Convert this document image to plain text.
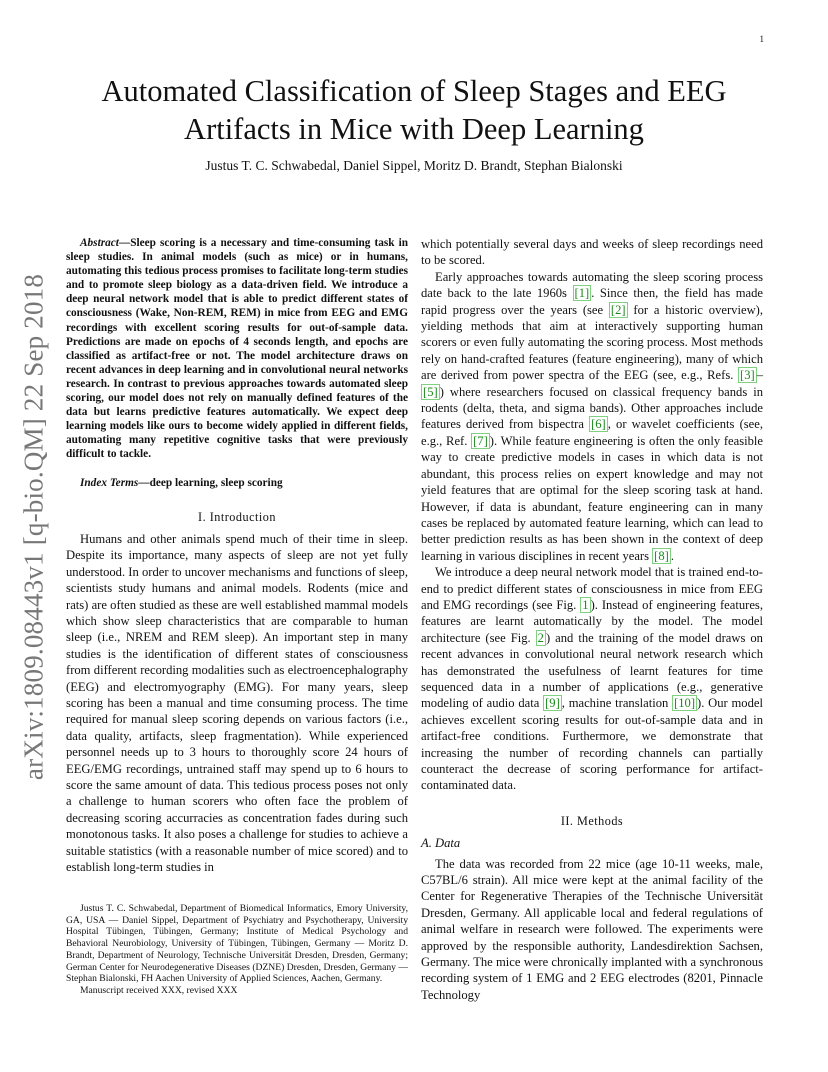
1
arXiv:1809.08443v1 [q-bio.QM] 22 Sep 2018
Automated Classification of Sleep Stages and EEG Artifacts in Mice with Deep Learning
Justus T. C. Schwabedal, Daniel Sippel, Moritz D. Brandt, Stephan Bialonski

Abstract—Sleep scoring is a necessary and time-consuming task in sleep studies. In animal models (such as mice) or in humans, automating this tedious process promises to facilitate long-term studies and to promote sleep biology as a data-driven field. We introduce a deep neural network model that is able to predict different states of consciousness (Wake, Non-REM, REM) in mice from EEG and EMG recordings with excellent scoring results for out-of-sample data. Predictions are made on epochs of 4 seconds length, and epochs are classified as artifact-free or not. The model architecture draws on recent advances in deep learning and in convolutional neural networks research. In contrast to previous approaches towards automated sleep scoring, our model does not rely on manually defined features of the data but learns predictive features automatically. We expect deep learning models like ours to become widely applied in different fields, automating many repetitive cognitive tasks that were previously difficult to tackle.

Index Terms—deep learning, sleep scoring

I. Introduction

Humans and other animals spend much of their time in sleep. Despite its importance, many aspects of sleep are not yet fully understood. In order to uncover mechanisms and functions of sleep, scientists study humans and animal models. Rodents (mice and rats) are often studied as these are well established mammal models which show sleep characteristics that are comparable to human sleep (i.e., NREM and REM sleep). An important step in many studies is the identification of different states of consciousness from different recording modalities such as electroencephalography (EEG) and electromyography (EMG). For many years, sleep scoring has been a manual and time consuming process. The time required for manual sleep scoring depends on various factors (i.e., data quality, artifacts, sleep fragmentation). While experienced personnel needs up to 3 hours to thoroughly score 24 hours of EEG/EMG recordings, untrained staff may spend up to 6 hours to score the same amount of data. This tedious process poses not only a challenge to human scorers who often face the problem of decreasing scoring accurracies as concentration fades during such monotonous tasks. It also poses a challenge for studies to achieve a suitable statistics (with a reasonable number of mice scored) and to establish long-term studies in

Justus T. C. Schwabedal, Department of Biomedical Informatics, Emory University, GA, USA — Daniel Sippel, Department of Psychiatry and Psychotherapy, University Hospital Tübingen, Tübingen, Germany; Institute of Medical Psychology and Behavioral Neurobiology, University of Tübingen, Tübingen, Germany — Moritz D. Brandt, Department of Neurology, Technische Universität Dresden, Dresden, Germany; German Center for Neurodegenerative Diseases (DZNE) Dresden, Dresden, Germany — Stephan Bialonski, FH Aachen University of Applied Sciences, Aachen, Germany.

Manuscript received XXX, revised XXX

which potentially several days and weeks of sleep recordings need to be scored.

Early approaches towards automating the sleep scoring process date back to the late 1960s [1] . Since then, the field has made rapid progress over the years (see [2] for a historic overview), yielding methods that aim at interactively supporting human scorers or even fully automating the scoring process. Most methods rely on hand-crafted features (feature engineering), many of which are derived from power spectra of the EEG (see, e.g., Refs. [3] –[5] ) where researchers focused on classical frequency bands in rodents (delta, theta, and sigma bands). Other approaches include features derived from bispectra [6] , or wavelet coefficients (see, e.g., Ref. [7] ). While feature engineering is often the only feasible way to create predictive models in cases in which data is not abundant, this process relies on expert knowledge and may not yield features that are optimal for the sleep scoring task at hand. However, if data is abundant, feature engineering can in many cases be replaced by automated feature learning, which can lead to better prediction results as has been shown in the context of deep learning in various disciplines in recent years [8] .

We introduce a deep neural network model that is trained end-to-end to predict different states of consciousness in mice from EEG and EMG recordings (see Fig. 1 ). Instead of engineering features, features are learnt automatically by the model. The model architecture (see Fig. 2 ) and the training of the model draws on recent advances in convolutional neural network research which has demonstrated the usefulness of learnt features for time sequenced data in a number of applications (e.g., generative modeling of audio data [9] , machine translation [10] ). Our model achieves excellent scoring results for out-of-sample data and in artifact-free conditions. Furthermore, we demonstrate that increasing the number of recording channels can partially counteract the decrease of scoring performance for artifact-contaminated data.

II. Methods
A. Data

The data was recorded from 22 mice (age 10-11 weeks, male, C57BL/6 strain). All mice were kept at the animal facility of the Center for Regenerative Therapies of the Technische Universität Dresden, Germany. All applicable local and federal regulations of animal welfare in research were followed. The experiments were approved by the responsible authority, Landesdirektion Sachsen, Germany. The mice were chronically implanted with a synchronous recording system of 1 EMG and 2 EEG electrodes (8201, Pinnacle Technology
